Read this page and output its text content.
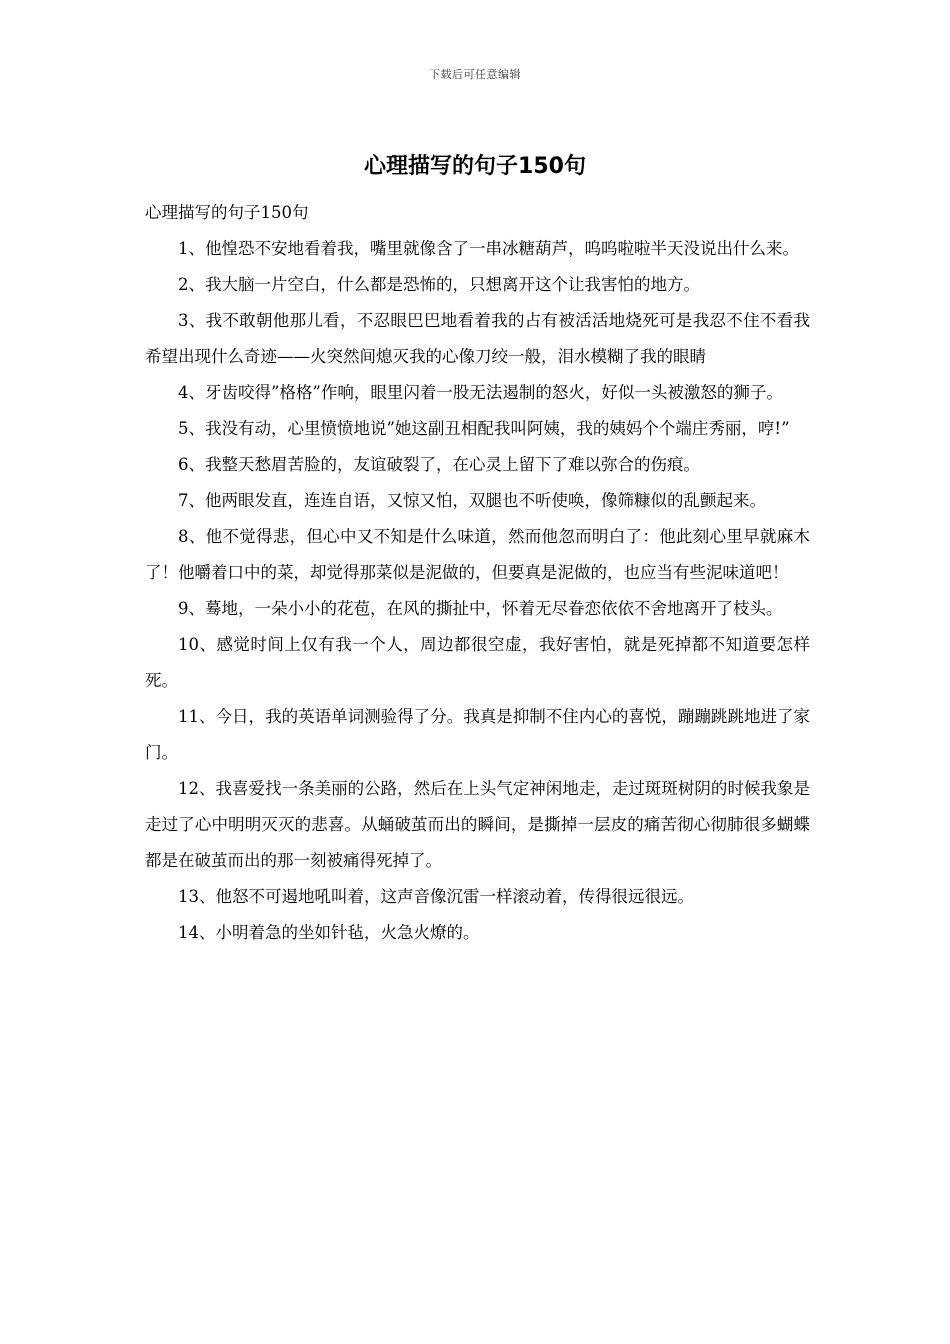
下载后可任意编辑
心理描写的句子150句

心理描写的句子150句

1、他惶恐不安地看着我，嘴里就像含了一串冰糖葫芦，呜呜啦啦半天没说出什么来。

2、我大脑一片空白，什么都是恐怖的，只想离开这个让我害怕的地方。

3、我不敢朝他那儿看，不忍眼巴巴地看着我的占有被活活地烧死可是我忍不住不看我希望出现什么奇迹——火突然间熄灭我的心像刀绞一般，泪水模糊了我的眼睛

4、牙齿咬得”格格”作响，眼里闪着一股无法遏制的怒火，好似一头被激怒的狮子。

5、我没有动，心里愤愤地说”她这副丑相配我叫阿姨，我的姨妈个个端庄秀丽，哼!”

6、我整天愁眉苦脸的，友谊破裂了，在心灵上留下了难以弥合的伤痕。

7、他两眼发直，连连自语，又惊又怕，双腿也不听使唤，像筛糠似的乱颤起来。

8、他不觉得悲，但心中又不知是什么味道，然而他忽而明白了：他此刻心里早就麻木了！他嚼着口中的菜，却觉得那菜似是泥做的，但要真是泥做的，也应当有些泥味道吧！

9、蓦地，一朵小小的花苞，在风的撕扯中，怀着无尽眷恋依依不舍地离开了枝头。

10、感觉时间上仅有我一个人，周边都很空虚，我好害怕，就是死掉都不知道要怎样死。

11、今日，我的英语单词测验得了分。我真是抑制不住内心的喜悦，蹦蹦跳跳地进了家门。

12、我喜爱找一条美丽的公路，然后在上头气定神闲地走，走过斑斑树阴的时候我象是走过了心中明明灭灭的悲喜。从蛹破茧而出的瞬间，是撕掉一层皮的痛苦彻心彻肺很多蝴蝶都是在破茧而出的那一刻被痛得死掉了。

13、他怒不可遏地吼叫着，这声音像沉雷一样滚动着，传得很远很远。

14、小明着急的坐如针毡，火急火燎的。
